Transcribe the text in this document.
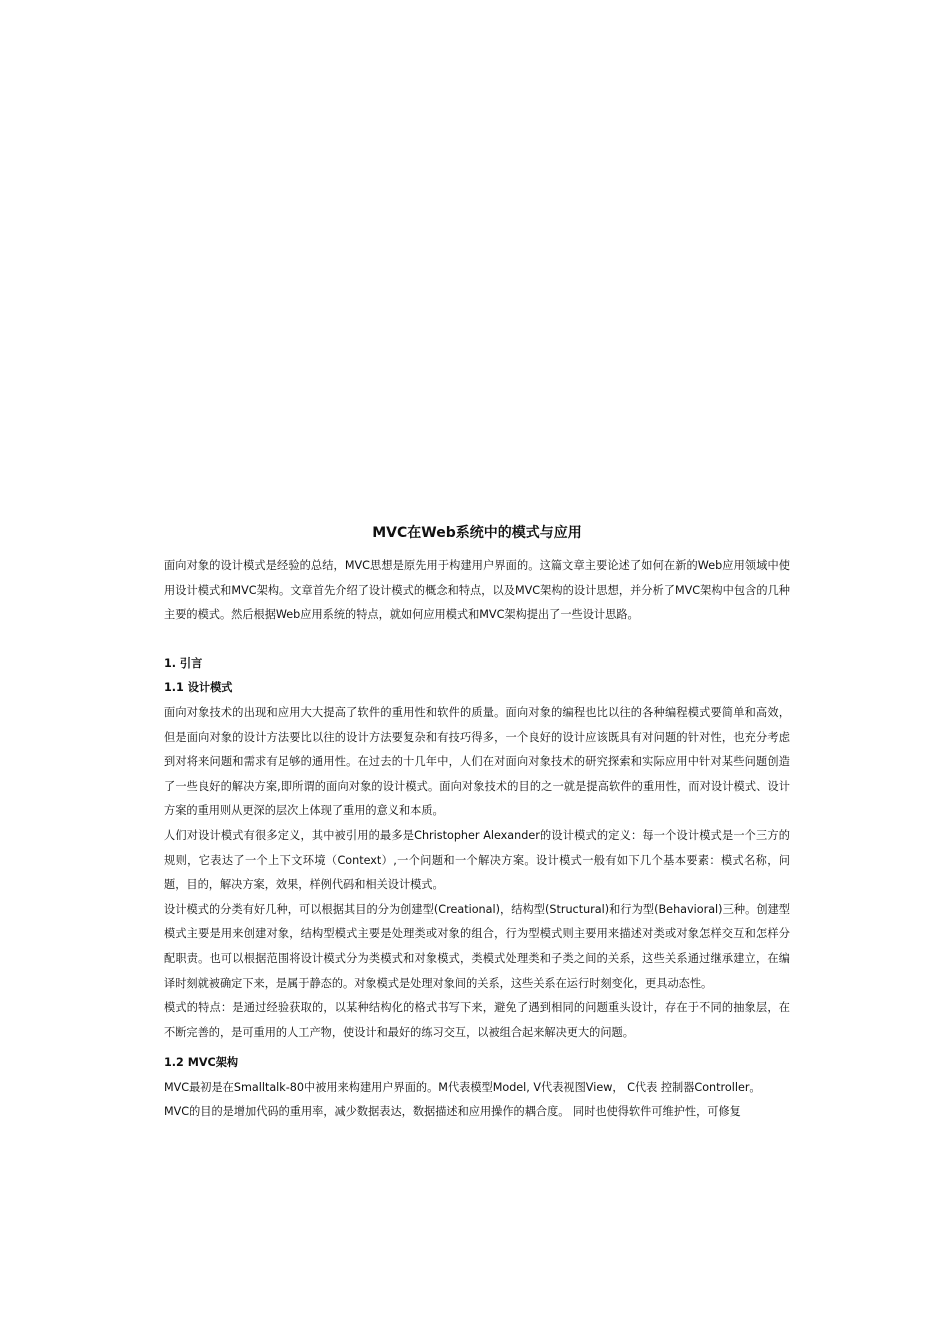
MVC在Web系统中的模式与应用

面向对象的设计模式是经验的总结，MVC思想是原先用于构建用户界面的。这篇文章主要论述了如何在新的Web应用领域中使用设计模式和MVC架构。文章首先介绍了设计模式的概念和特点，以及MVC架构的设计思想，并分析了MVC架构中包含的几种主要的模式。然后根据Web应用系统的特点，就如何应用模式和MVC架构提出了一些设计思路。

1. 引言
1.1 设计模式

面向对象技术的出现和应用大大提高了软件的重用性和软件的质量。面向对象的编程也比以往的各种编程模式要简单和高效，但是面向对象的设计方法要比以往的设计方法要复杂和有技巧得多，一个良好的设计应该既具有对问题的针对性，也充分考虑到对将来问题和需求有足够的通用性。在过去的十几年中，人们在对面向对象技术的研究探索和实际应用中针对某些问题创造了一些良好的解决方案,即所谓的面向对象的设计模式。面向对象技术的目的之一就是提高软件的重用性，而对设计模式、设计方案的重用则从更深的层次上体现了重用的意义和本质。

人们对设计模式有很多定义，其中被引用的最多是Christopher Alexander的设计模式的定义：每一个设计模式是一个三方的规则，它表达了一个上下文环境（Context）,一个问题和一个解决方案。设计模式一般有如下几个基本要素：模式名称，问题，目的，解决方案，效果，样例代码和相关设计模式。

设计模式的分类有好几种，可以根据其目的分为创建型(Creational)，结构型(Structural)和行为型(Behavioral)三种。创建型模式主要是用来创建对象，结构型模式主要是处理类或对象的组合，行为型模式则主要用来描述对类或对象怎样交互和怎样分配职责。也可以根据范围将设计模式分为类模式和对象模式，类模式处理类和子类之间的关系，这些关系通过继承建立，在编译时刻就被确定下来，是属于静态的。对象模式是处理对象间的关系，这些关系在运行时刻变化，更具动态性。

模式的特点：是通过经验获取的，以某种结构化的格式书写下来，避免了遇到相同的问题重头设计，存在于不同的抽象层，在不断完善的，是可重用的人工产物，使设计和最好的练习交互，以被组合起来解决更大的问题。

1.2 MVC架构

MVC最初是在Smalltalk-80中被用来构建用户界面的。M代表模型Model, V代表视图View， C代表 控制器Controller。

MVC的目的是增加代码的重用率，减少数据表达，数据描述和应用操作的耦合度。 同时也使得软件可维护性，可修复
